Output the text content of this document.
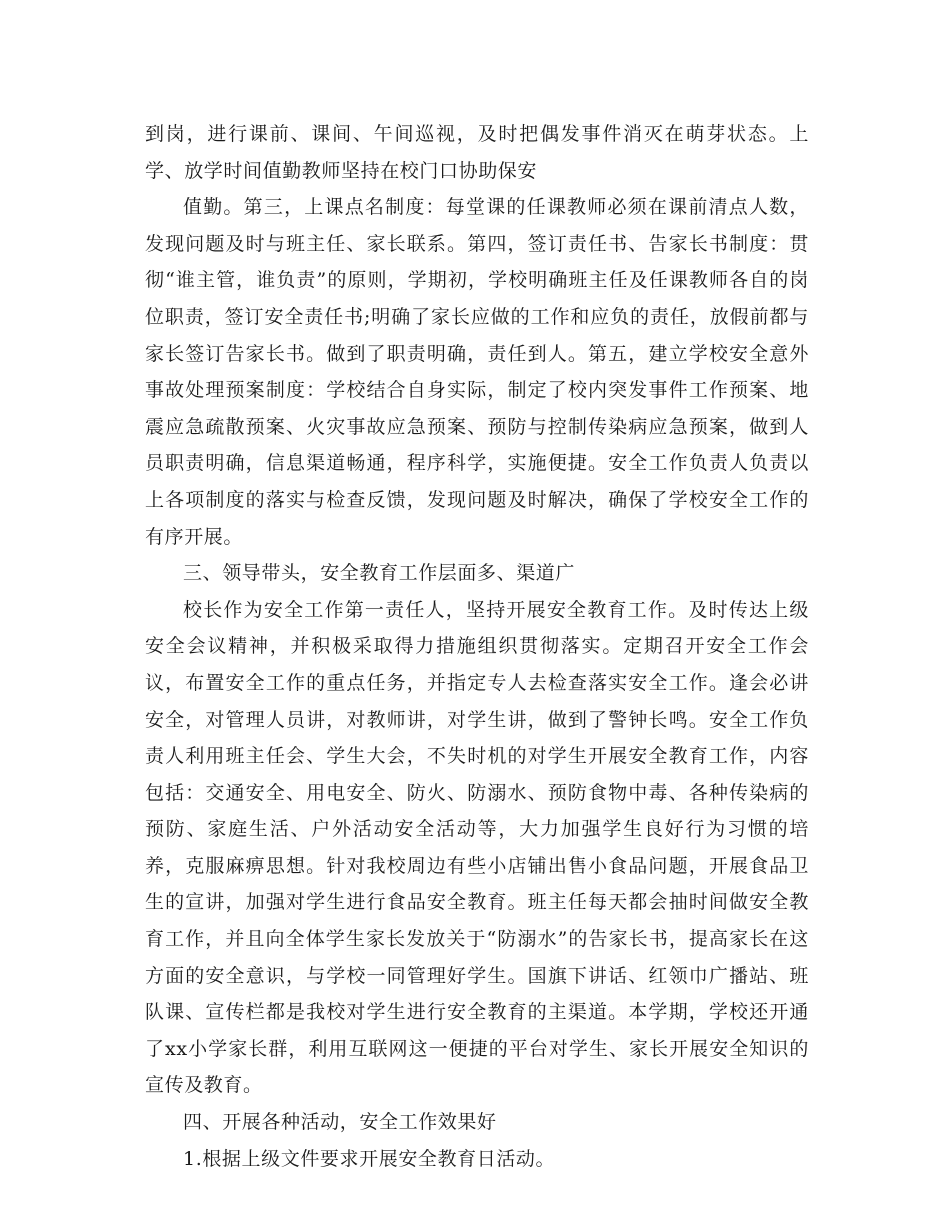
到岗，进行课前、课间、午间巡视，及时把偶发事件消灭在萌芽状态。上学、放学时间值勤教师坚持在校门口协助保安

值勤。第三，上课点名制度：每堂课的任课教师必须在课前清点人数，发现问题及时与班主任、家长联系。第四，签订责任书、告家长书制度：贯彻“谁主管，谁负责”的原则，学期初，学校明确班主任及任课教师各自的岗位职责，签订安全责任书;明确了家长应做的工作和应负的责任，放假前都与家长签订告家长书。做到了职责明确，责任到人。第五，建立学校安全意外事故处理预案制度：学校结合自身实际，制定了校内突发事件工作预案、地震应急疏散预案、火灾事故应急预案、预防与控制传染病应急预案，做到人员职责明确，信息渠道畅通，程序科学，实施便捷。安全工作负责人负责以上各项制度的落实与检查反馈，发现问题及时解决，确保了学校安全工作的有序开展。

三、领导带头，安全教育工作层面多、渠道广

校长作为安全工作第一责任人，坚持开展安全教育工作。及时传达上级安全会议精神，并积极采取得力措施组织贯彻落实。定期召开安全工作会议，布置安全工作的重点任务，并指定专人去检查落实安全工作。逢会必讲安全，对管理人员讲，对教师讲，对学生讲，做到了警钟长鸣。安全工作负责人利用班主任会、学生大会，不失时机的对学生开展安全教育工作，内容包括：交通安全、用电安全、防火、防溺水、预防食物中毒、各种传染病的预防、家庭生活、户外活动安全活动等，大力加强学生良好行为习惯的培养，克服麻痹思想。针对我校周边有些小店铺出售小食品问题，开展食品卫生的宣讲，加强对学生进行食品安全教育。班主任每天都会抽时间做安全教育工作，并且向全体学生家长发放关于“防溺水”的告家长书，提高家长在这方面的安全意识，与学校一同管理好学生。国旗下讲话、红领巾广播站、班队课、宣传栏都是我校对学生进行安全教育的主渠道。本学期，学校还开通了xx小学家长群，利用互联网这一便捷的平台对学生、家长开展安全知识的宣传及教育。

四、开展各种活动，安全工作效果好

1.根据上级文件要求开展安全教育日活动。
